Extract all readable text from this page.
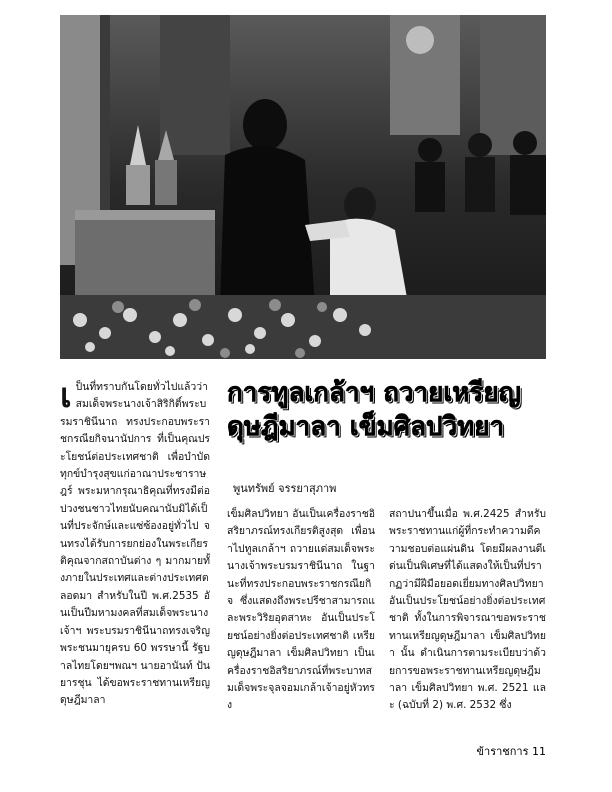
การทูลเกล้าฯ ถวายเหรียญดุษฎีมาลา เข็มศิลปวิทยา

พูนทรัพย์ จรรยาสุภาพ

เป็นที่ทราบกันโดยทั่วไปแล้วว่าสมเด็จพระนางเจ้าสิริกิติ์พระบรมราชินีนาถ ทรงประกอบพระราชกรณียกิจนานัปการ ที่เป็นคุณประโยชน์ต่อประเทศชาติ เพื่อบำบัดทุกข์บำรุงสุขแก่อาณาประชาราษฎร์ พระมหากรุณาธิคุณที่ทรงมีต่อปวงชนชาวไทยนับคณานับมิได้เป็นที่ประจักษ์และแซ่ซ้องอยู่ทั่วไป จนทรงได้รับการยกย่องในพระเกียรติคุณจากสถาบันต่าง ๆ มากมายทั้งภายในประเทศและต่างประเทศตลอดมา สำหรับในปี พ.ศ.2535 อันเป็นปีมหามงคลที่สมเด็จพระนางเจ้าฯ พระบรมราชินีนาถทรงเจริญพระชนมายุครบ 60 พรรษานี้ รัฐบาลไทยโดยฯพณฯ นายอานันท์ ปันยารชุน ได้ขอพระราชทานเหรียญดุษฎีมาลา
เข็มศิลปวิทยา อันเป็นเครื่องราชอิสริยาภรณ์ทรงเกียรติสูงสุด เพื่อนำไปทูลเกล้าฯ ถวายแด่สมเด็จพระนางเจ้าพระบรมราชินีนาถ ในฐานะที่ทรงประกอบพระราชกรณียกิจ ซึ่งแสดงถึงพระปรีชาสามารถและพระวิริยอุตสาหะ อันเป็นประโยชน์อย่างยิ่งต่อประเทศชาติ เหรียญดุษฎีมาลา เข็มศิลปวิทยา เป็นเครื่องราชอิสริยาภรณ์ที่พระบาทสมเด็จพระจุลจอมเกล้าเจ้าอยู่หัวทรง
สถาปนาขึ้นเมื่อ พ.ศ.2425 สำหรับพระราชทานแก่ผู้ที่กระทำความดีความชอบต่อแผ่นดิน โดยมีผลงานดีเด่นเป็นพิเศษที่ได้แสดงให้เป็นที่ปรากฏว่ามีฝีมือยอดเยี่ยมทางศิลปวิทยา อันเป็นประโยชน์อย่างยิ่งต่อประเทศชาติ ทั้งในการพิจารณาขอพระราชทานเหรียญดุษฎีมาลา เข็มศิลปวิทยา นั้น ดำเนินการตามระเบียบว่าด้วยการขอพระราชทานเหรียญดุษฎีมาลา เข็มศิลปวิทยา พ.ศ. 2521 และ (ฉบับที่ 2) พ.ศ. 2532 ซึ่ง

ข้าราชการ 11
